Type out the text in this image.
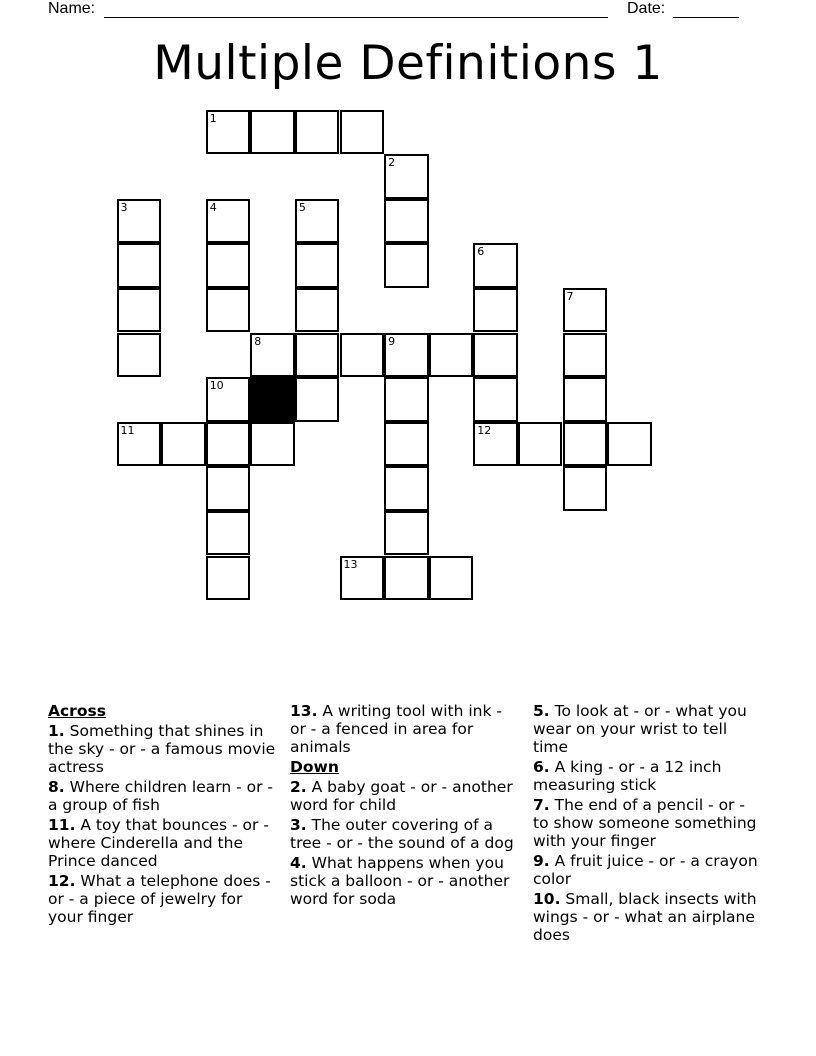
Name:	Date:
Multiple Definitions 1
1
2
3	4	5
6
7
8	9
10
11	12
13
Across
1. Something that shines in the sky - or - a famous movie actress
8. Where children learn - or - a group of fish
11. A toy that bounces - or - where Cinderella and the Prince danced
12. What a telephone does - or - a piece of jewelry for your finger
13. A writing tool with ink - or - a fenced in area for animals
Down
2. A baby goat - or - another word for child
3. The outer covering of a tree - or - the sound of a dog
4. What happens when you stick a balloon - or - another word for soda
5. To look at - or - what you wear on your wrist to tell time
6. A king - or - a 12 inch measuring stick
7. The end of a pencil - or - to show someone something with your finger
9. A fruit juice - or - a crayon color
10. Small, black insects with wings - or - what an airplane does
